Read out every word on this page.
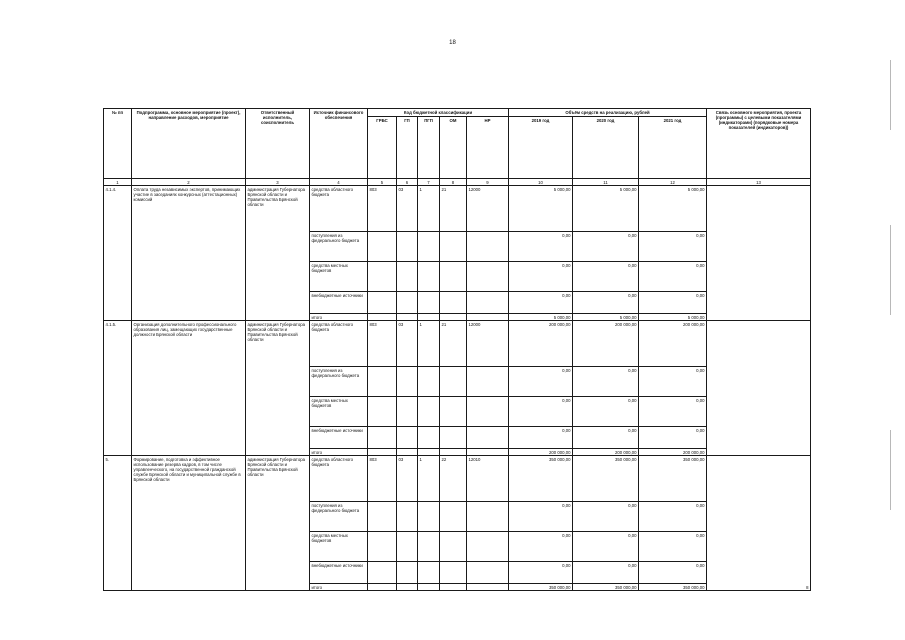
18
№ пп	Подпрограмма, основное мероприятие (проект), направление расходов, мероприятие	Ответственный исполнитель, соисполнитель	Источник финансового обеспечения	Код бюджетной классификации					Объём средств на реализацию, рублей			Связь основного мероприятия, проекта (программы) с целевыми показателями (индикаторами) (порядковые номера показателей (индикаторов))
				ГРБС	ГП	ПГП	ОМ	НР	2019 год	2020 год	2021 год	
1	2	3	4	5	6	7	8	9	10	11	12	13
4.1.4.	Оплата труда независимых экспертов, принимающих участие в заседаниях конкурсных (аттестационных) комиссий	администрация Губернатора Брянской области и Правительства Брянской области	средства областного бюджета	803	03	1	21	12000	5 000,00	5 000,00	5 000,00	
			поступления из федерального бюджета						0,00	0,00	0,00	
			средства местных бюджетов						0,00	0,00	0,00	
			внебюджетные источники						0,00	0,00	0,00	
			итого						5 000,00	5 000,00	5 000,00	
4.1.5.	Организация дополнительного профессионального образования лиц, замещающих государственные должности Брянской области	администрация Губернатора Брянской области и Правительства Брянской области	средства областного бюджета	803	03	1	21	12000	200 000,00	200 000,00	200 000,00	
			поступления из федерального бюджета						0,00	0,00	0,00	
			средства местных бюджетов						0,00	0,00	0,00	
			внебюджетные источники						0,00	0,00	0,00	
			итого						200 000,00	200 000,00	200 000,00	
5.	Формирование, подготовка и эффективное использование резерва кадров, в том числе управленческого, на государственной гражданской службе Брянской области и муниципальной службе в Брянской области	администрация Губернатора Брянской области и Правительства Брянской области	средства областного бюджета	803	03	1	22	12010	350 000,00	350 000,00	350 000,00	8
			поступления из федерального бюджета						0,00	0,00	0,00	
			средства местных бюджетов						0,00	0,00	0,00	
			внебюджетные источники						0,00	0,00	0,00	
			итого						350 000,00	350 000,00	350 000,00	
